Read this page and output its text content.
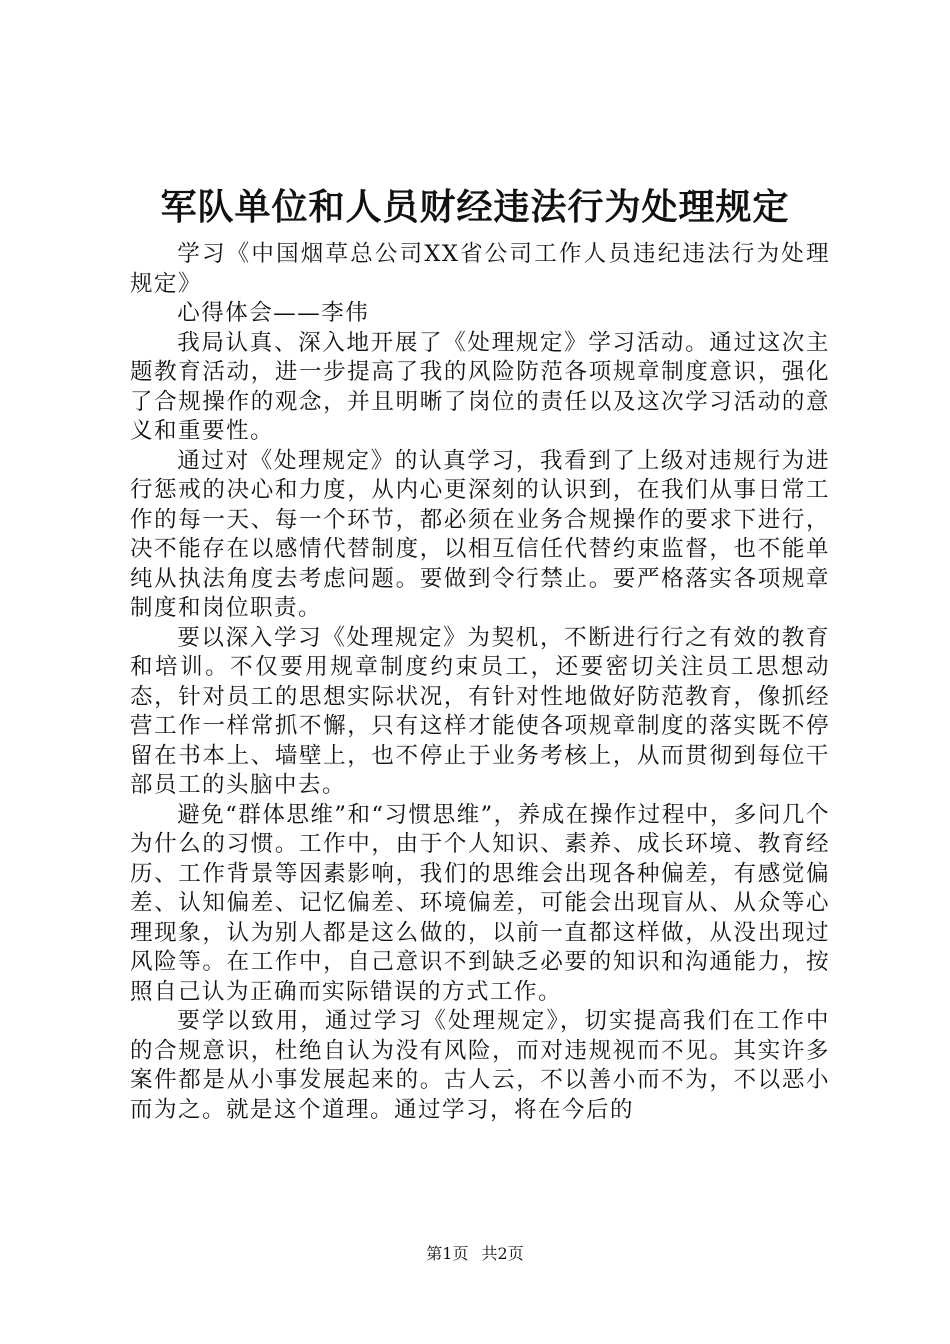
军队单位和人员财经违法行为处理规定

学习《中国烟草总公司XX省公司工作人员违纪违法行为处理规定》

心得体会——李伟

我局认真、深入地开展了《处理规定》学习活动。通过这次主题教育活动，进一步提高了我的风险防范各项规章制度意识，强化了合规操作的观念，并且明晰了岗位的责任以及这次学习活动的意义和重要性。

通过对《处理规定》的认真学习，我看到了上级对违规行为进行惩戒的决心和力度，从内心更深刻的认识到，在我们从事日常工作的每一天、每一个环节，都必须在业务合规操作的要求下进行，决不能存在以感情代替制度，以相互信任代替约束监督，也不能单纯从执法角度去考虑问题。要做到令行禁止。要严格落实各项规章制度和岗位职责。

要以深入学习《处理规定》为契机，不断进行行之有效的教育和培训。不仅要用规章制度约束员工，还要密切关注员工思想动态，针对员工的思想实际状况，有针对性地做好防范教育，像抓经营工作一样常抓不懈，只有这样才能使各项规章制度的落实既不停留在书本上、墙壁上，也不停止于业务考核上，从而贯彻到每位干部员工的头脑中去。

避免“群体思维”和“习惯思维”，养成在操作过程中，多问几个为什么的习惯。工作中，由于个人知识、素养、成长环境、教育经历、工作背景等因素影响，我们的思维会出现各种偏差，有感觉偏差、认知偏差、记忆偏差、环境偏差，可能会出现盲从、从众等心理现象，认为别人都是这么做的，以前一直都这样做，从没出现过风险等。在工作中，自己意识不到缺乏必要的知识和沟通能力，按照自己认为正确而实际错误的方式工作。

要学以致用，通过学习《处理规定》，切实提高我们在工作中的合规意识，杜绝自认为没有风险，而对违规视而不见。其实许多案件都是从小事发展起来的。古人云，不以善小而不为，不以恶小而为之。就是这个道理。通过学习，将在今后的

第1页 共2页
